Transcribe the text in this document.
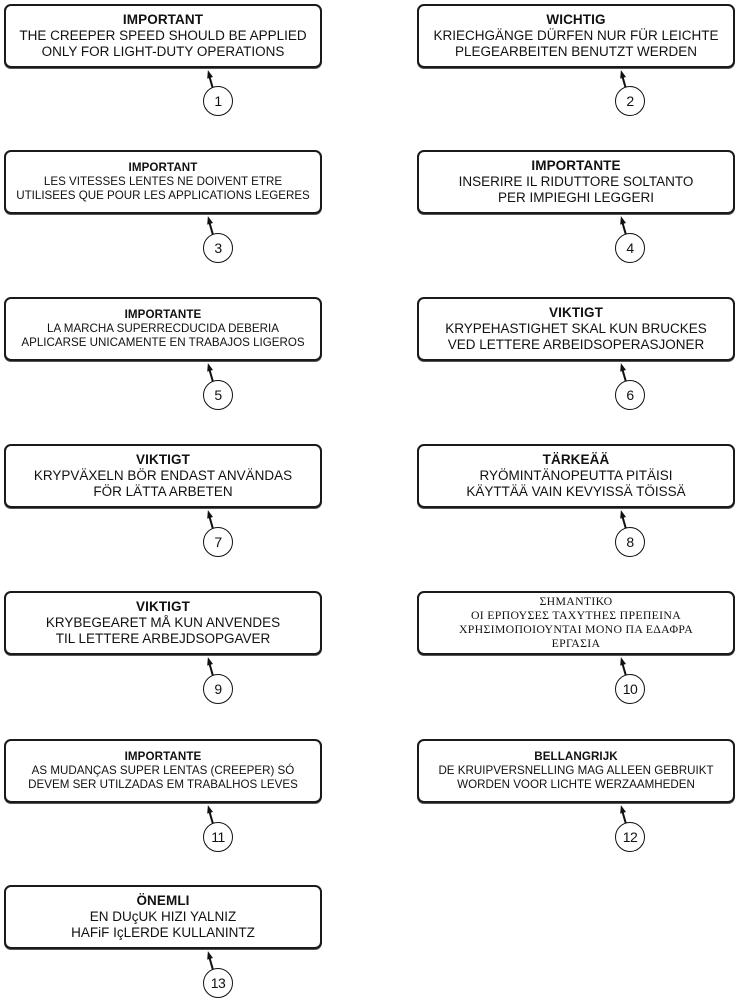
IMPORTANT
THE CREEPER SPEED SHOULD BE APPLIED
ONLY FOR LIGHT-DUTY OPERATIONS
1
WICHTIG
KRIECHGÄNGE DÜRFEN NUR FÜR LEICHTE
PLEGEARBEITEN BENUTZT WERDEN
2
IMPORTANT
LES VITESSES LENTES NE DOIVENT ETRE
UTILISEES QUE POUR LES APPLICATIONS LEGERES
3
IMPORTANTE
INSERIRE IL RIDUTTORE SOLTANTO
PER IMPIEGHI LEGGERI
4
IMPORTANTE
LA MARCHA SUPERRECDUCIDA DEBERIA
APLICARSE UNICAMENTE EN TRABAJOS LIGEROS
5
VIKTIGT
KRYPEHASTIGHET SKAL KUN BRUCKES
VED LETTERE ARBEIDSOPERASJONER
6
VIKTIGT
KRYPVÄXELN BÖR ENDAST ANVÄNDAS
FÖR LÄTTA ARBETEN
7
TÄRKEÄÄ
RYÖMINTÄNOPEUTTA PITÄISI
KÄYTTÄÄ VAIN KEVYISSÄ TÖISSÄ
8
VIKTIGT
KRYBEGEARET MÅ KUN ANVENDES
TIL LETTERE ARBEJDSOPGAVER
9
ΣΗΜΑΝΤΙΚΟ
ΟΙ ΕΡΠΟΥΣΕΣ ΤΑΧΥΤΗΕΣ ΠΡΕΠΕΙΝΑ
ΧΡΗΣΙΜΟΠΟΙΟΥΝΤΑΙ ΜΟΝΟ ΠΑ ΕΔΑΦΡΑ
ΕΡΓΑΣΙΑ
10
IMPORTANTE
AS MUDANÇAS SUPER LENTAS (CREEPER) SÓ
DEVEM SER UTILZADAS EM TRABALHOS LEVES
11
BELLANGRIJK
DE KRUIPVERSNELLING MAG ALLEEN GEBRUIKT
WORDEN VOOR LICHTE WERZAAMHEDEN
12
ÖNEMLI
EN DUçUK HIZI YALNIZ
HAFiF IçLERDE KULLANINTZ
13
